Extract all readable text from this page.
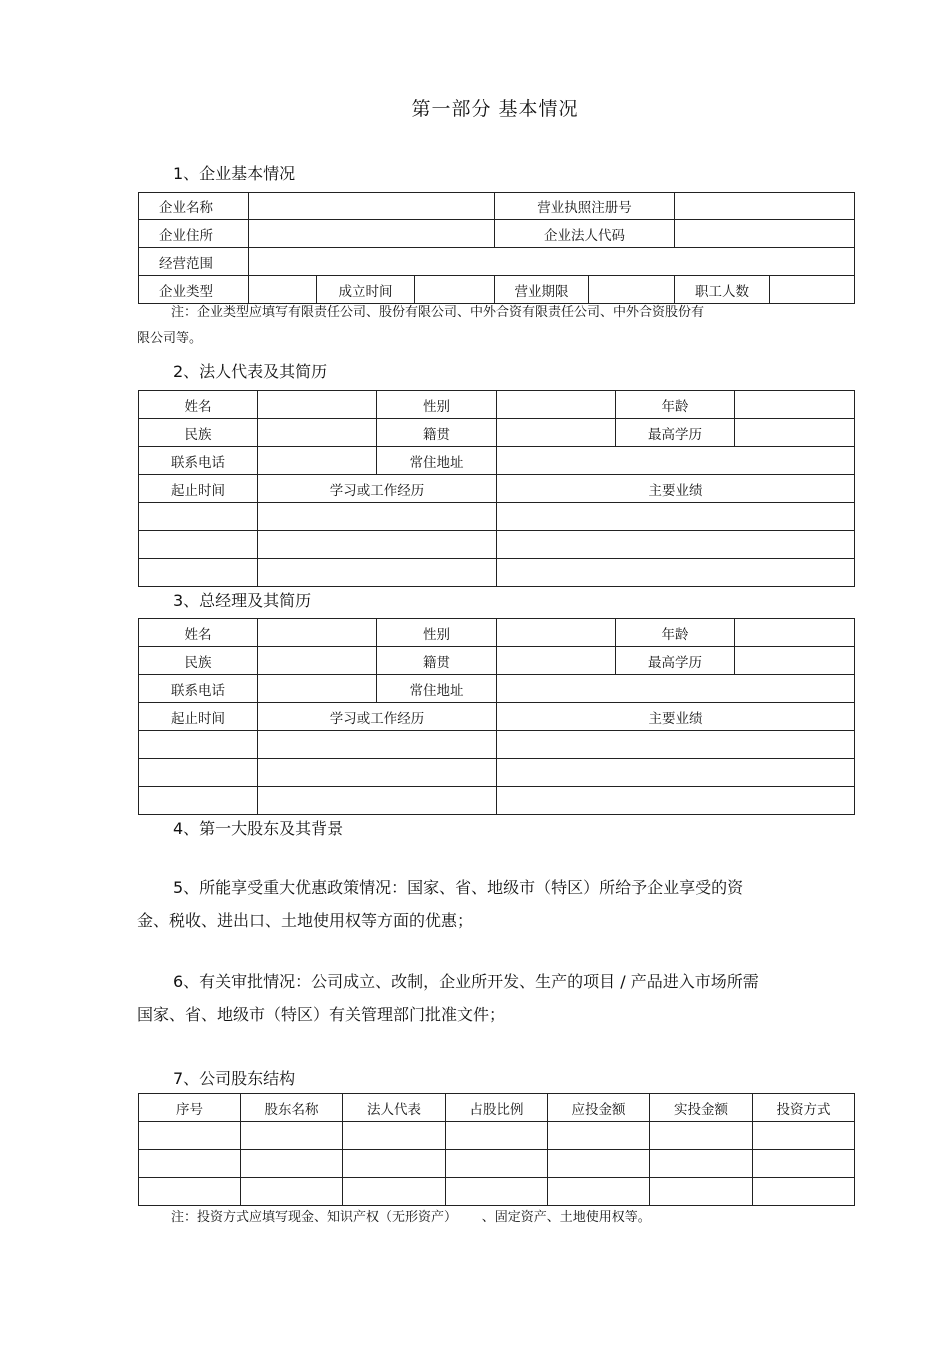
第一部分 基本情况
1、企业基本情况
企业名称				营业执照注册号			
企业住所				企业法人代码			
经营范围							
企业类型		成立时间		营业期限		职工人数	
注：企业类型应填写有限责任公司、股份有限公司、中外合资有限责任公司、中外合资股份有
限公司等。
2、法人代表及其简历
姓名		性别		年龄	
民族		籍贯		最高学历	
联系电话		常住地址			
起止时间	学习或工作经历		主要业绩		

3、总经理及其简历
姓名		性别		年龄	
民族		籍贯		最高学历	
联系电话		常住地址			
起止时间	学习或工作经历		主要业绩		

4、第一大股东及其背景
5、所能享受重大优惠政策情况：国家、省、地级市（特区）所给予企业享受的资
金、税收、进出口、土地使用权等方面的优惠；
6、有关审批情况：公司成立、改制，企业所开发、生产的项目 / 产品进入市场所需
国家、省、地级市（特区）有关管理部门批准文件；
7、公司股东结构
序号	股东名称	法人代表	占股比例	应投金额	实投金额	投资方式

注：投资方式应填写现金、知识产权（无形资产）      、固定资产、土地使用权等。
